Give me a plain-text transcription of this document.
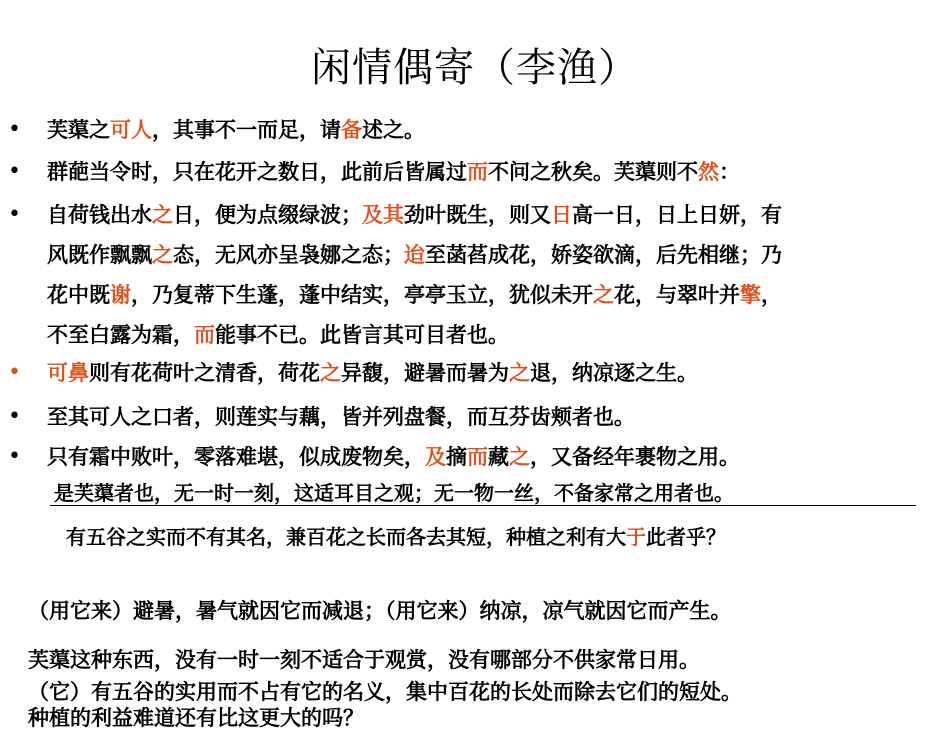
闲情偶寄（李渔）
• 芙蕖之可人，其事不一而足，请备述之。
• 群葩当令时，只在花开之数日，此前后皆属过而不问之秋矣。芙蕖则不然：
• 自荷钱出水之日，便为点缀绿波；及其劲叶既生，则又日高一日，日上日妍，有
风既作飘飘之态，无风亦呈袅娜之态；迨至菡萏成花，娇姿欲滴，后先相继；乃
花中既谢，乃复蒂下生蓬，蓬中结实，亭亭玉立，犹似未开之花，与翠叶并擎，
不至白露为霜，而能事不已。此皆言其可目者也。
• 可鼻则有花荷叶之清香，荷花之异馥，避暑而暑为之退，纳凉逐之生。
• 至其可人之口者，则莲实与藕，皆并列盘餐，而互芬齿颊者也。
• 只有霜中败叶，零落难堪，似成废物矣，及摘而藏之，又备经年裹物之用。
是芙蕖者也，无一时一刻，这适耳目之观；无一物一丝，不备家常之用者也。
有五谷之实而不有其名，兼百花之长而各去其短，种植之利有大于此者乎？
（用它来）避暑，暑气就因它而减退；（用它来）纳凉，凉气就因它而产生。
芙蕖这种东西，没有一时一刻不适合于观赏，没有哪部分不供家常日用。
（它）有五谷的实用而不占有它的名义，集中百花的长处而除去它们的短处。
种植的利益难道还有比这更大的吗？
